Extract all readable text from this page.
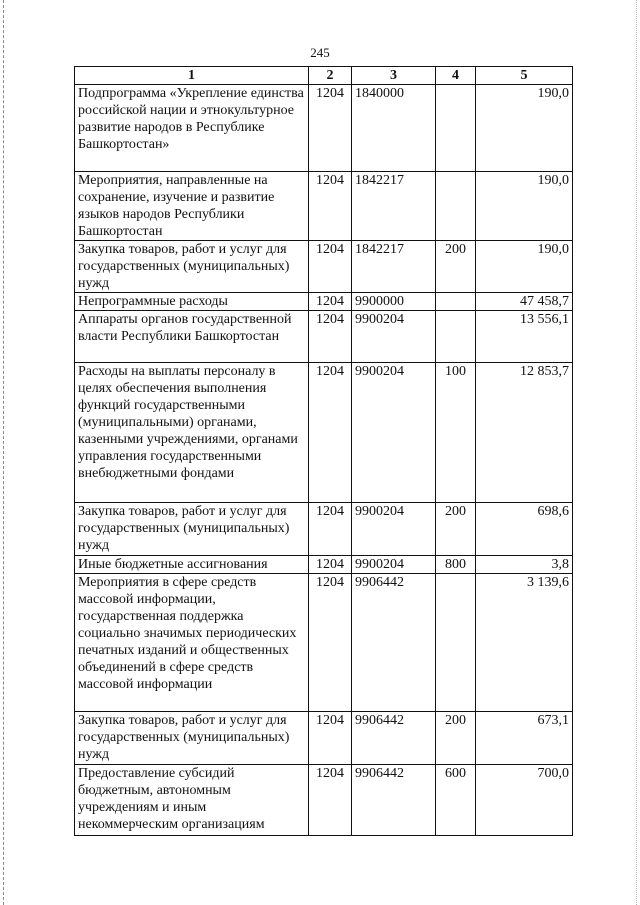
245
1	2	3	4	5
Подпрограмма «Укрепление единства российской нации и этнокультурное развитие народов в Республике Башкортостан»	1204	1840000		190,0
Мероприятия, направленные на сохранение, изучение и развитие языков народов Республики Башкортостан	1204	1842217		190,0
Закупка товаров, работ и услуг для государственных (муниципальных) нужд	1204	1842217	200	190,0
Непрограммные расходы	1204	9900000		47 458,7
Аппараты органов государственной власти Республики Башкортостан	1204	9900204		13 556,1
Расходы на выплаты персоналу в целях обеспечения выполнения функций государственными (муниципальными) органами, казенными учреждениями, органами управления государственными внебюджетными фондами	1204	9900204	100	12 853,7
Закупка товаров, работ и услуг для государственных (муниципальных) нужд	1204	9900204	200	698,6
Иные бюджетные ассигнования	1204	9900204	800	3,8
Мероприятия в сфере средств массовой информации, государственная поддержка социально значимых периодических печатных изданий и общественных объединений в сфере средств массовой информации	1204	9906442		3 139,6
Закупка товаров, работ и услуг для государственных (муниципальных) нужд	1204	9906442	200	673,1
Предоставление субсидий бюджетным, автономным учреждениям и иным некоммерческим организациям	1204	9906442	600	700,0
